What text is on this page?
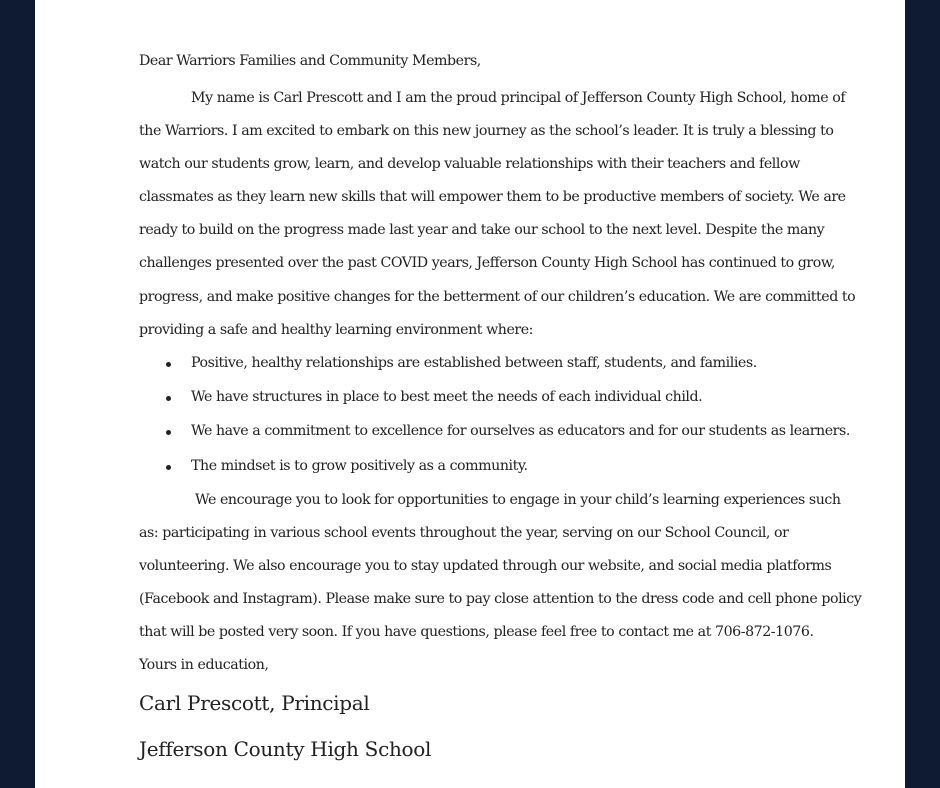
Dear Warriors Families and Community Members,
My name is Carl Prescott and I am the proud principal of Jefferson County High School, home of
the Warriors. I am excited to embark on this new journey as the school’s leader. It is truly a blessing to
watch our students grow, learn, and develop valuable relationships with their teachers and fellow
classmates as they learn new skills that will empower them to be productive members of society. We are
ready to build on the progress made last year and take our school to the next level. Despite the many
challenges presented over the past COVID years, Jefferson County High School has continued to grow,
progress, and make positive changes for the betterment of our children’s education. We are committed to
providing a safe and healthy learning environment where:
Positive, healthy relationships are established between staff, students, and families.
We have structures in place to best meet the needs of each individual child.
We have a commitment to excellence for ourselves as educators and for our students as learners.
The mindset is to grow positively as a community.
We encourage you to look for opportunities to engage in your child’s learning experiences such
as: participating in various school events throughout the year, serving on our School Council, or
volunteering. We also encourage you to stay updated through our website, and social media platforms
(Facebook and Instagram). Please make sure to pay close attention to the dress code and cell phone policy
that will be posted very soon. If you have questions, please feel free to contact me at 706-872-1076.
Yours in education,
Carl Prescott, Principal
Jefferson County High School
